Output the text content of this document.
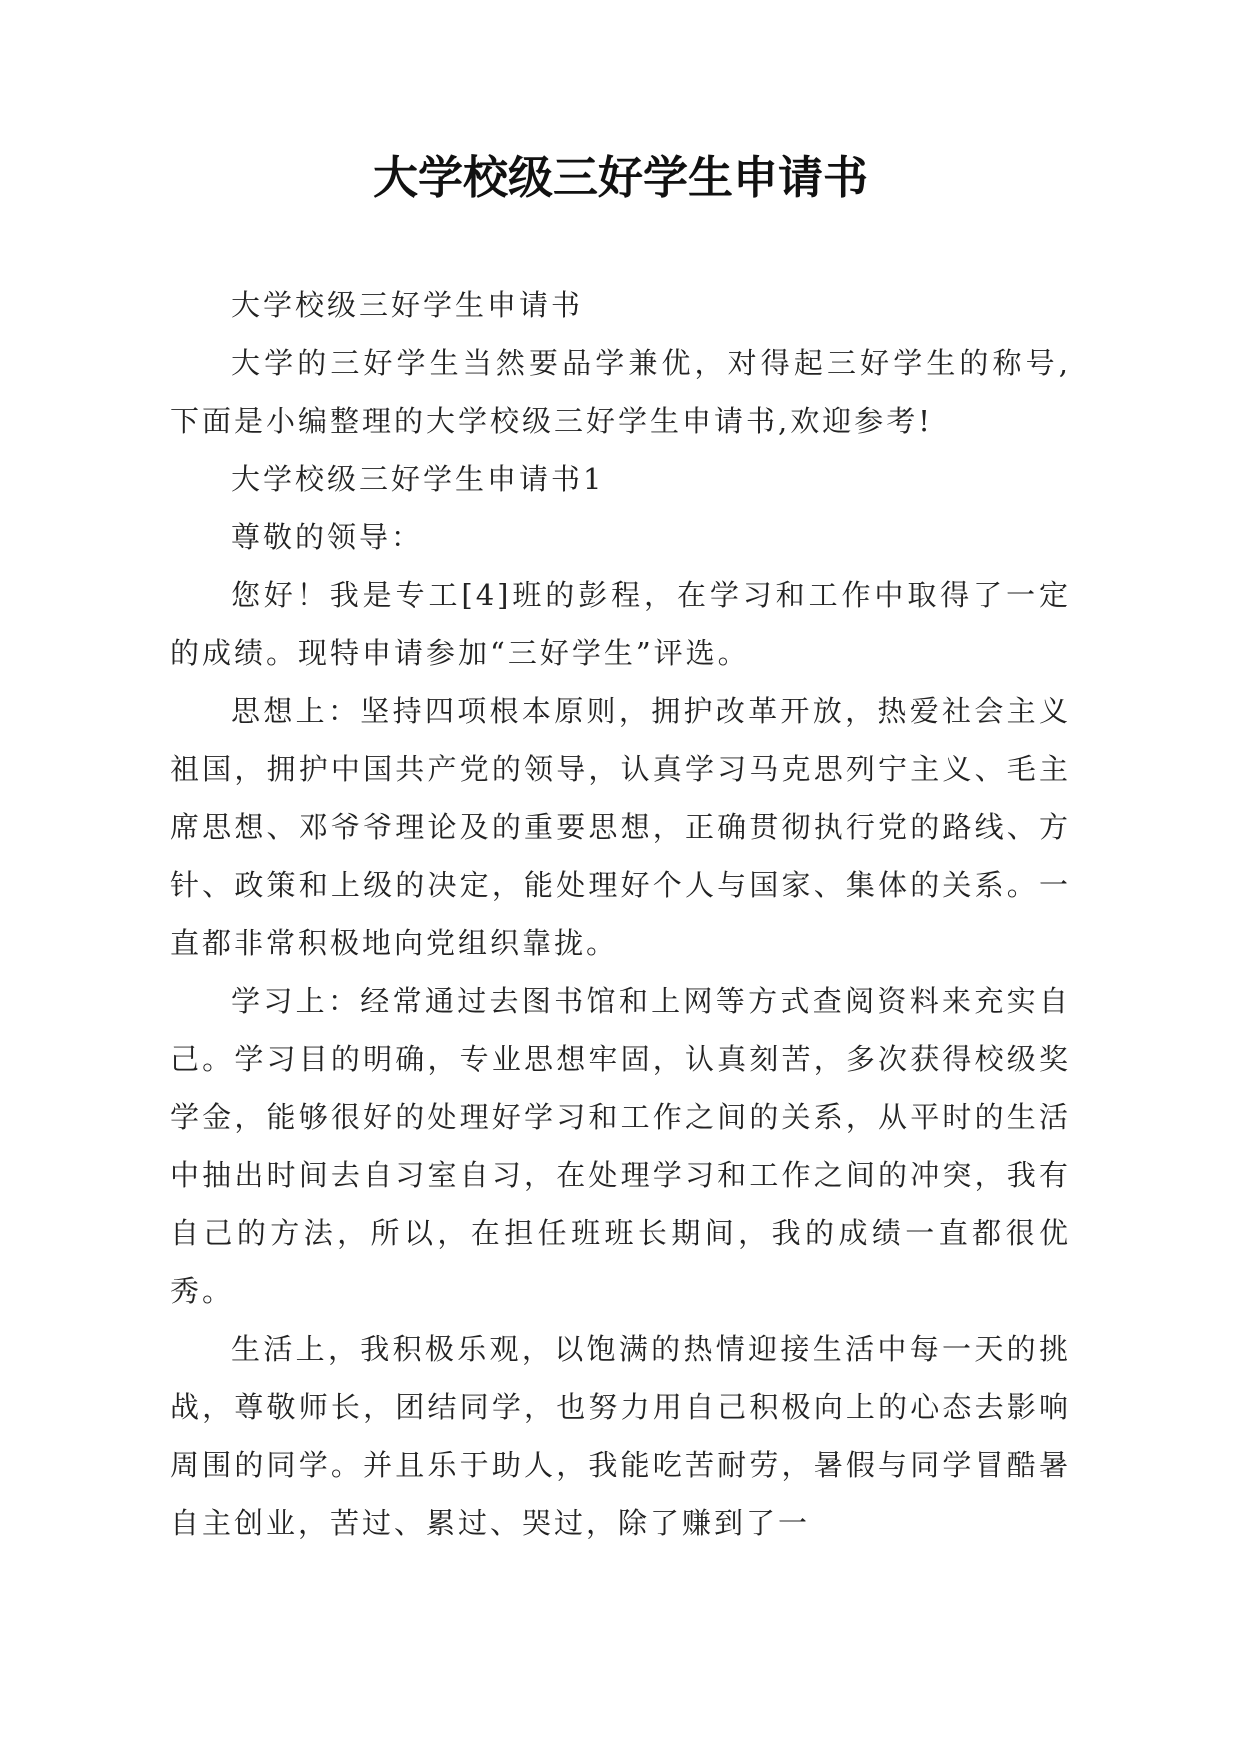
大学校级三好学生申请书

大学校级三好学生申请书

大学的三好学生当然要品学兼优，对得起三好学生的称号,下面是小编整理的大学校级三好学生申请书,欢迎参考!

大学校级三好学生申请书1

尊敬的领导：

您好！我是专工[4]班的彭程，在学习和工作中取得了一定的成绩。现特申请参加“三好学生”评选。

思想上：坚持四项根本原则，拥护改革开放，热爱社会主义祖国，拥护中国共产党的领导，认真学习马克思列宁主义、毛主席思想、邓爷爷理论及的重要思想，正确贯彻执行党的路线、方针、政策和上级的决定，能处理好个人与国家、集体的关系。一直都非常积极地向党组织靠拢。

学习上：经常通过去图书馆和上网等方式查阅资料来充实自己。学习目的明确，专业思想牢固，认真刻苦，多次获得校级奖学金，能够很好的处理好学习和工作之间的关系，从平时的生活中抽出时间去自习室自习，在处理学习和工作之间的冲突，我有自己的方法，所以，在担任班班长期间，我的成绩一直都很优秀。

生活上，我积极乐观，以饱满的热情迎接生活中每一天的挑战，尊敬师长，团结同学，也努力用自己积极向上的心态去影响周围的同学。并且乐于助人，我能吃苦耐劳，暑假与同学冒酷暑自主创业，苦过、累过、哭过，除了赚到了一
